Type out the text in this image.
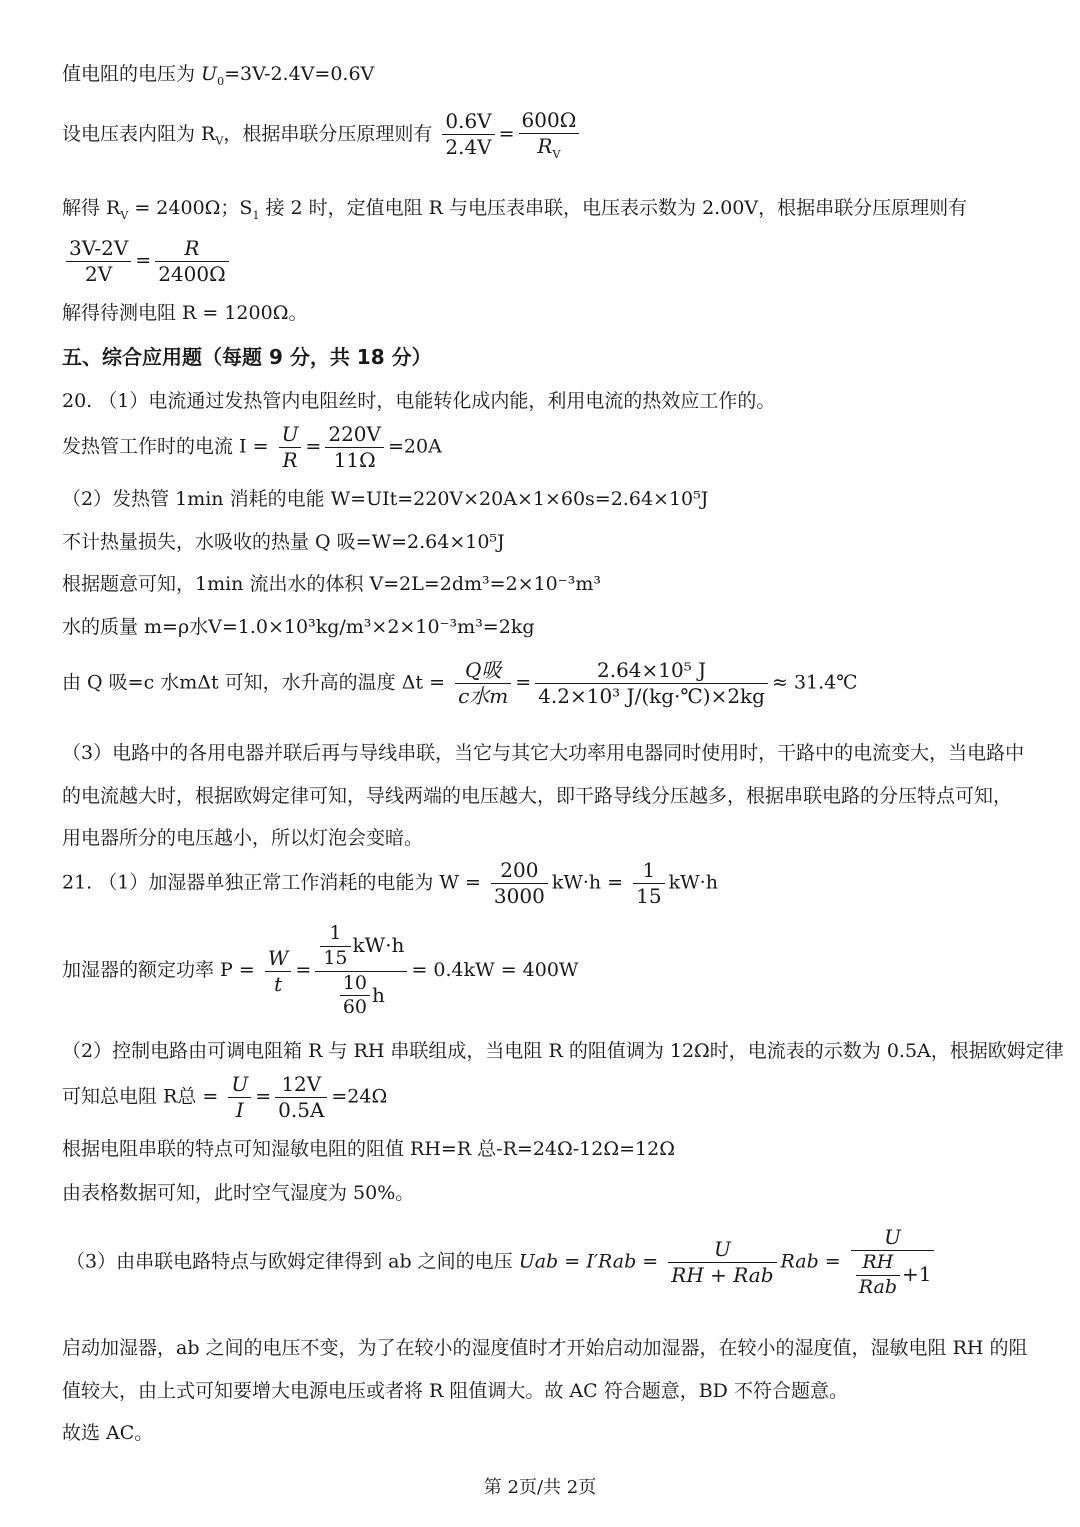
值电阻的电压为 $U_0=3V-2.4V=0.6V$
设电压表内阻为 $R_V$，根据串联分压原理则有 $\frac{0.6V}{2.4V} = \frac{600\Omega}{R_V}$
解得 $R_V = 2400\Omega$；$S_1$ 接 2 时，定值电阻 R 与电压表串联，电压表示数为 2.00V，根据串联分压原理则有
$\frac{3V-2V}{2V} = \frac{R}{2400\Omega}$
解得待测电阻 R = 1200Ω。
五、综合应用题（每题 9 分，共 18 分）
20. （1）电流通过发热管内电阻丝时，电能转化成内能，利用电流的热效应工作的。
发热管工作时的电流 $I = \frac{U}{R} = \frac{220V}{11\Omega} =20A$
（2）发热管 1min 消耗的电能 W=UIt=220V×20A×1×60s=2.64×10⁵J
不计热量损失，水吸收的热量 Q 吸=W=2.64×10⁵J
根据题意可知，1min 流出水的体积 V=2L=2dm³=2×10⁻³m³
水的质量 m=ρ水V=1.0×10³kg/m³×2×10⁻³m³=2kg
由 Q 吸=c 水mΔt 可知，水升高的温度 $\Delta t = \frac{\text{Q吸}}{\text{c水m}} = \frac{\text{2.64×10⁵ J}}{\text{4.2×10³ J/(kg·℃)×2kg}}$ ≈ 31.4℃
（3）电路中的各用电器并联后再与导线串联，当它与其它大功率用电器同时使用时，干路中的电流变大，当电路中
的电流越大时，根据欧姆定律可知，导线两端的电压越大，即干路导线分压越多，根据串联电路的分压特点可知，
用电器所分的电压越小，所以灯泡会变暗。
21. （1）加湿器单独正常工作消耗的电能为 $W = \frac{200}{3000} kW\cdot h = \frac{1}{15} kW\cdot h$
加湿器的额定功率 $P = \frac{W}{t} = \frac{\frac{1}{15} kW\cdot h}{\frac{10}{60} h} = 0.4kW = 400W$
（2）控制电路由可调电阻箱 R 与 RH 串联组成，当电阻 R 的阻值调为 12Ω时，电流表的示数为 0.5A，根据欧姆定律
可知总电阻 R总 = $\frac{U}{I} = \frac{12V}{0.5A} =24\Omega$
根据电阻串联的特点可知湿敏电阻的阻值 RH=R 总-R=24Ω-12Ω=12Ω
由表格数据可知，此时空气湿度为 50%。
（3）由串联电路特点与欧姆定律得到 ab 之间的电压 Uab = $I'Rab = \frac{U}{\text{RH + Rab}}$ Rab = $\frac{U}{\frac{RH}{\text{Rab}} +1}$
启动加湿器，ab 之间的电压不变，为了在较小的湿度值时才开始启动加湿器，在较小的湿度值，湿敏电阻 RH 的阻
值较大，由上式可知要增大电源电压或者将 R 阻值调大。故 AC 符合题意，BD 不符合题意。
故选 AC。
第 2页/共 2页
